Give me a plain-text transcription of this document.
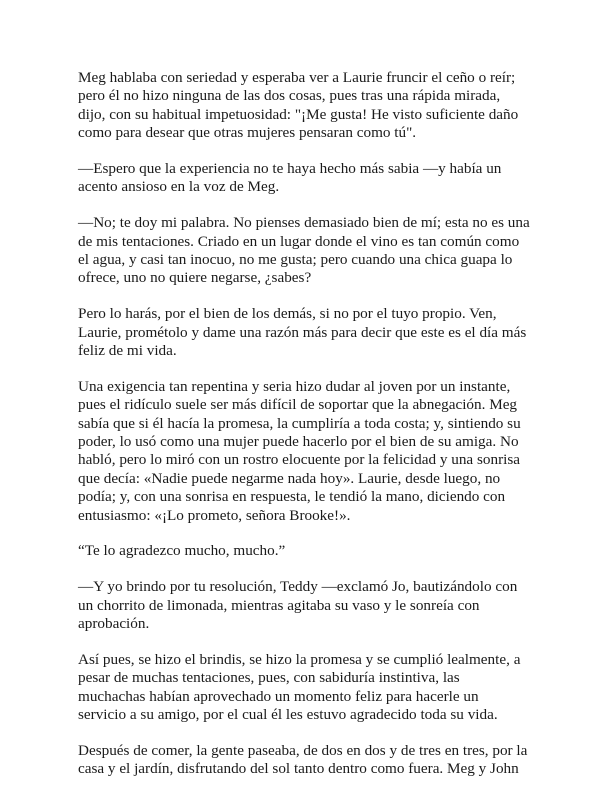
Meg hablaba con seriedad y esperaba ver a Laurie fruncir el ceño o reír; pero él no hizo ninguna de las dos cosas, pues tras una rápida mirada, dijo, con su habitual impetuosidad: "¡Me gusta! He visto suficiente daño como para desear que otras mujeres pensaran como tú".

—Espero que la experiencia no te haya hecho más sabia —y había un acento ansioso en la voz de Meg.

—No; te doy mi palabra. No pienses demasiado bien de mí; esta no es una de mis tentaciones. Criado en un lugar donde el vino es tan común como el agua, y casi tan inocuo, no me gusta; pero cuando una chica guapa lo ofrece, uno no quiere negarse, ¿sabes?

Pero lo harás, por el bien de los demás, si no por el tuyo propio. Ven, Laurie, prométolo y dame una razón más para decir que este es el día más feliz de mi vida.

Una exigencia tan repentina y seria hizo dudar al joven por un instante, pues el ridículo suele ser más difícil de soportar que la abnegación. Meg sabía que si él hacía la promesa, la cumpliría a toda costa; y, sintiendo su poder, lo usó como una mujer puede hacerlo por el bien de su amiga. No habló, pero lo miró con un rostro elocuente por la felicidad y una sonrisa que decía: «Nadie puede negarme nada hoy». Laurie, desde luego, no podía; y, con una sonrisa en respuesta, le tendió la mano, diciendo con entusiasmo: «¡Lo prometo, señora Brooke!».

“Te lo agradezco mucho, mucho.”

—Y yo brindo por tu resolución, Teddy —exclamó Jo, bautizándolo con un chorrito de limonada, mientras agitaba su vaso y le sonreía con aprobación.

Así pues, se hizo el brindis, se hizo la promesa y se cumplió lealmente, a pesar de muchas tentaciones, pues, con sabiduría instintiva, las muchachas habían aprovechado un momento feliz para hacerle un servicio a su amigo, por el cual él les estuvo agradecido toda su vida.

Después de comer, la gente paseaba, de dos en dos y de tres en tres, por la casa y el jardín, disfrutando del sol tanto dentro como fuera. Meg y John
